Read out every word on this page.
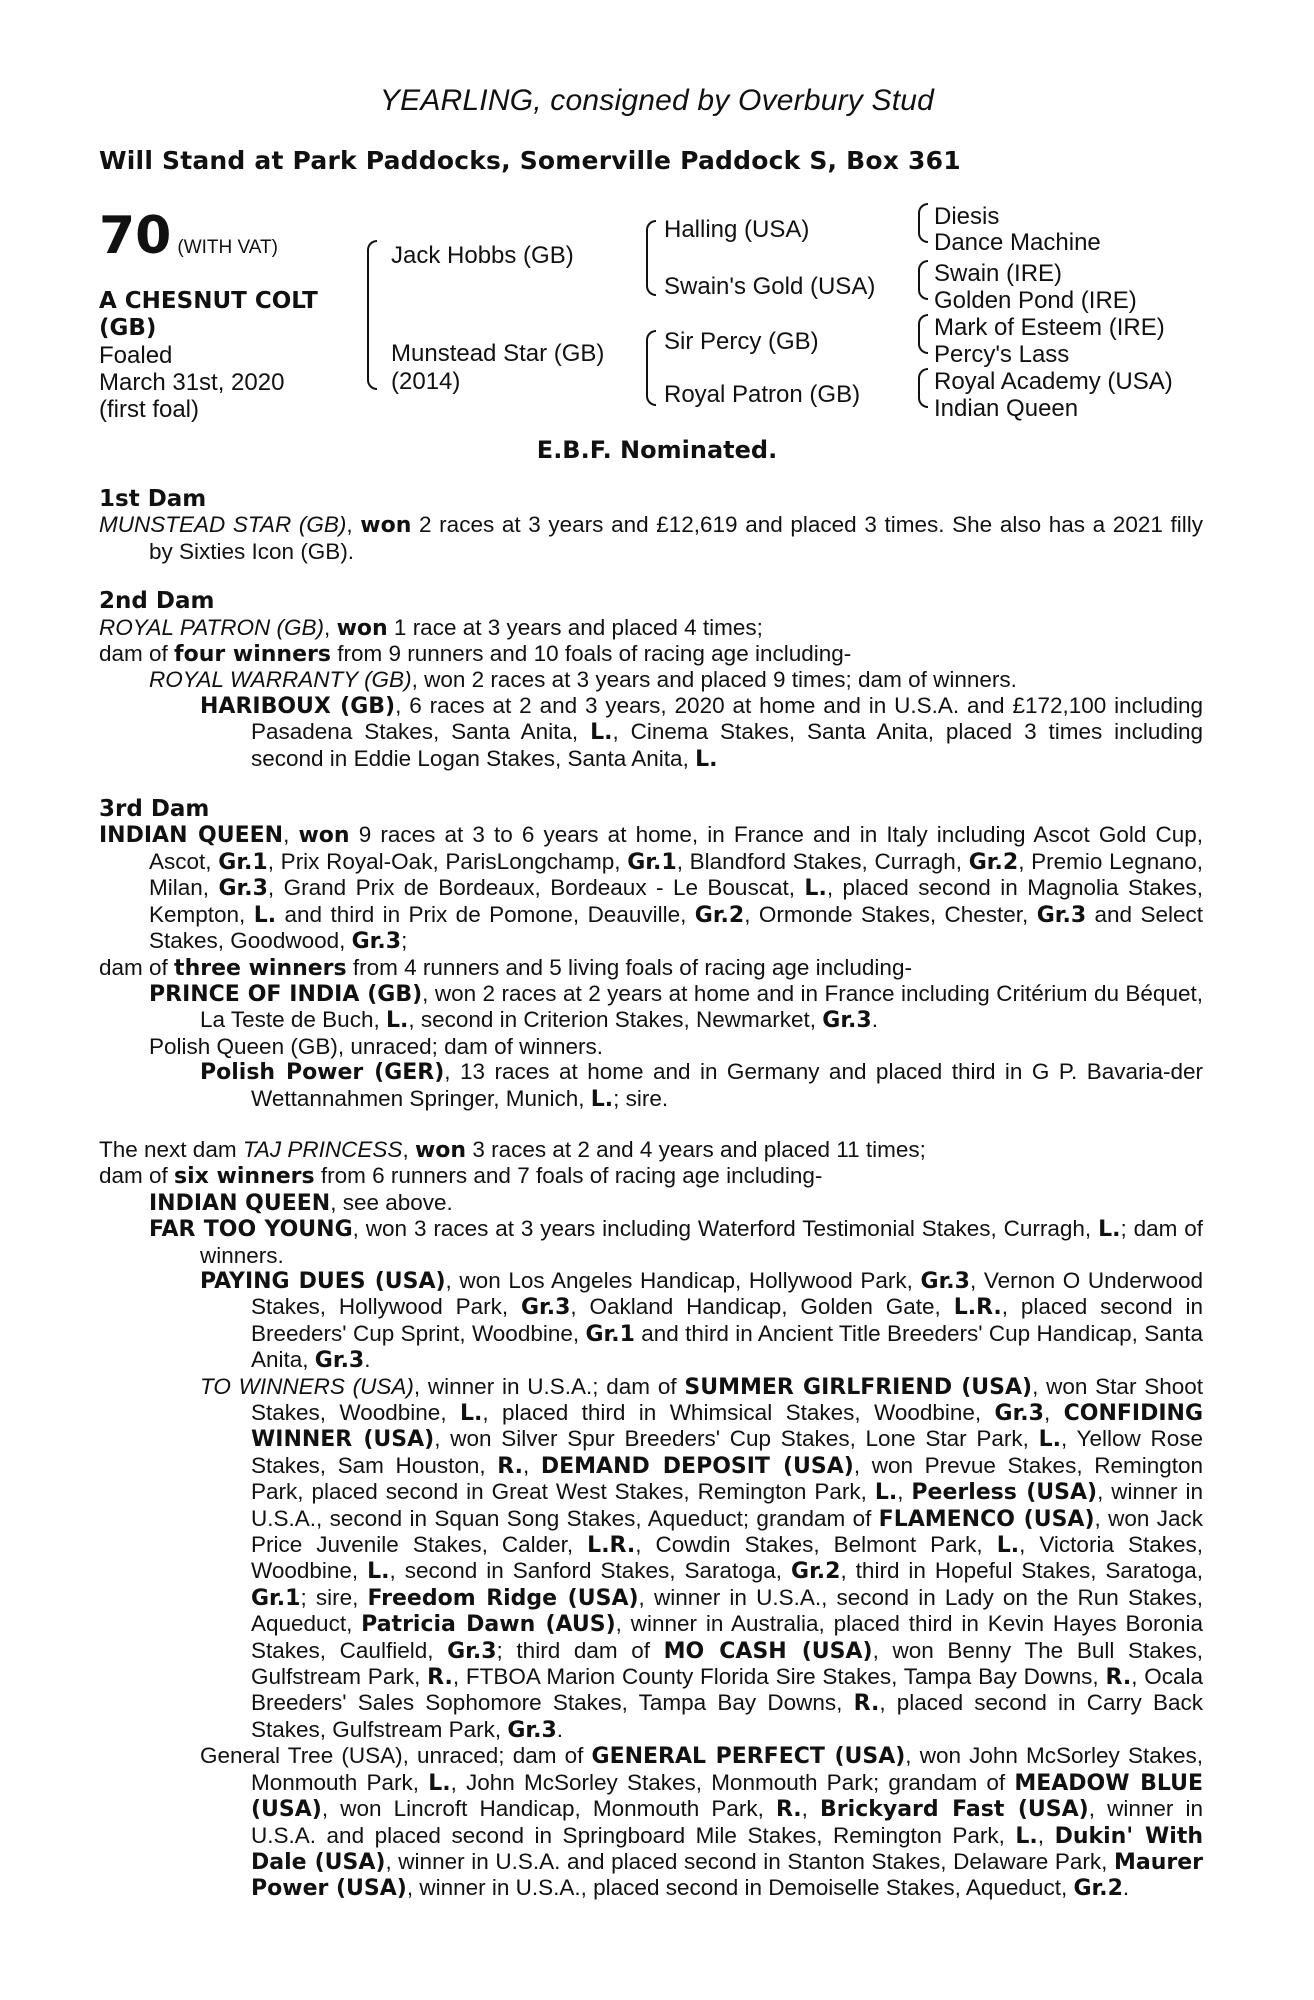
YEARLING, consigned by Overbury Stud
Will Stand at Park Paddocks, Somerville Paddock S, Box 361
70 (WITH VAT)
A CHESNUT COLT
(GB)
Foaled
March 31st, 2020
(first foal)
Jack Hobbs (GB)
Munstead Star (GB)
(2014)
Halling (USA)
Swain's Gold (USA)
Sir Percy (GB)
Royal Patron (GB)
Diesis
Dance Machine
Swain (IRE)
Golden Pond (IRE)
Mark of Esteem (IRE)
Percy's Lass
Royal Academy (USA)
Indian Queen
E.B.F. Nominated.
1st Dam

MUNSTEAD STAR (GB), won 2 races at 3 years and £12,619 and placed 3 times. She also has a 2021 filly by Sixties Icon (GB).

2nd Dam

ROYAL PATRON (GB), won 1 race at 3 years and placed 4 times;

dam of four winners from 9 runners and 10 foals of racing age including-

ROYAL WARRANTY (GB), won 2 races at 3 years and placed 9 times; dam of winners.

HARIBOUX (GB), 6 races at 2 and 3 years, 2020 at home and in U.S.A. and £172,100 including Pasadena Stakes, Santa Anita, L., Cinema Stakes, Santa Anita, placed 3 times including second in Eddie Logan Stakes, Santa Anita, L.

3rd Dam

INDIAN QUEEN, won 9 races at 3 to 6 years at home, in France and in Italy including Ascot Gold Cup, Ascot, Gr.1, Prix Royal-Oak, ParisLongchamp, Gr.1, Blandford Stakes, Curragh, Gr.2, Premio Legnano, Milan, Gr.3, Grand Prix de Bordeaux, Bordeaux - Le Bouscat, L., placed second in Magnolia Stakes, Kempton, L. and third in Prix de Pomone, Deauville, Gr.2, Ormonde Stakes, Chester, Gr.3 and Select Stakes, Goodwood, Gr.3;

dam of three winners from 4 runners and 5 living foals of racing age including-

PRINCE OF INDIA (GB), won 2 races at 2 years at home and in France including Critérium du Béquet, La Teste de Buch, L., second in Criterion Stakes, Newmarket, Gr.3.

Polish Queen (GB), unraced; dam of winners.

Polish Power (GER), 13 races at home and in Germany and placed third in G P. Bavaria-der Wettannahmen Springer, Munich, L.; sire.

The next dam TAJ PRINCESS, won 3 races at 2 and 4 years and placed 11 times;

dam of six winners from 6 runners and 7 foals of racing age including-

INDIAN QUEEN, see above.

FAR TOO YOUNG, won 3 races at 3 years including Waterford Testimonial Stakes, Curragh, L.; dam of winners.

PAYING DUES (USA), won Los Angeles Handicap, Hollywood Park, Gr.3, Vernon O Underwood Stakes, Hollywood Park, Gr.3, Oakland Handicap, Golden Gate, L.R., placed second in Breeders' Cup Sprint, Woodbine, Gr.1 and third in Ancient Title Breeders' Cup Handicap, Santa Anita, Gr.3.

TO WINNERS (USA), winner in U.S.A.; dam of SUMMER GIRLFRIEND (USA), won Star Shoot Stakes, Woodbine, L., placed third in Whimsical Stakes, Woodbine, Gr.3, CONFIDING WINNER (USA), won Silver Spur Breeders' Cup Stakes, Lone Star Park, L., Yellow Rose Stakes, Sam Houston, R., DEMAND DEPOSIT (USA), won Prevue Stakes, Remington Park, placed second in Great West Stakes, Remington Park, L., Peerless (USA), winner in U.S.A., second in Squan Song Stakes, Aqueduct; grandam of FLAMENCO (USA), won Jack Price Juvenile Stakes, Calder, L.R., Cowdin Stakes, Belmont Park, L., Victoria Stakes, Woodbine, L., second in Sanford Stakes, Saratoga, Gr.2, third in Hopeful Stakes, Saratoga, Gr.1; sire, Freedom Ridge (USA), winner in U.S.A., second in Lady on the Run Stakes, Aqueduct, Patricia Dawn (AUS), winner in Australia, placed third in Kevin Hayes Boronia Stakes, Caulfield, Gr.3; third dam of MO CASH (USA), won Benny The Bull Stakes, Gulfstream Park, R., FTBOA Marion County Florida Sire Stakes, Tampa Bay Downs, R., Ocala Breeders' Sales Sophomore Stakes, Tampa Bay Downs, R., placed second in Carry Back Stakes, Gulfstream Park, Gr.3.

General Tree (USA), unraced; dam of GENERAL PERFECT (USA), won John McSorley Stakes, Monmouth Park, L., John McSorley Stakes, Monmouth Park; grandam of MEADOW BLUE (USA), won Lincroft Handicap, Monmouth Park, R., Brickyard Fast (USA), winner in U.S.A. and placed second in Springboard Mile Stakes, Remington Park, L., Dukin' With Dale (USA), winner in U.S.A. and placed second in Stanton Stakes, Delaware Park, Maurer Power (USA), winner in U.S.A., placed second in Demoiselle Stakes, Aqueduct, Gr.2.
